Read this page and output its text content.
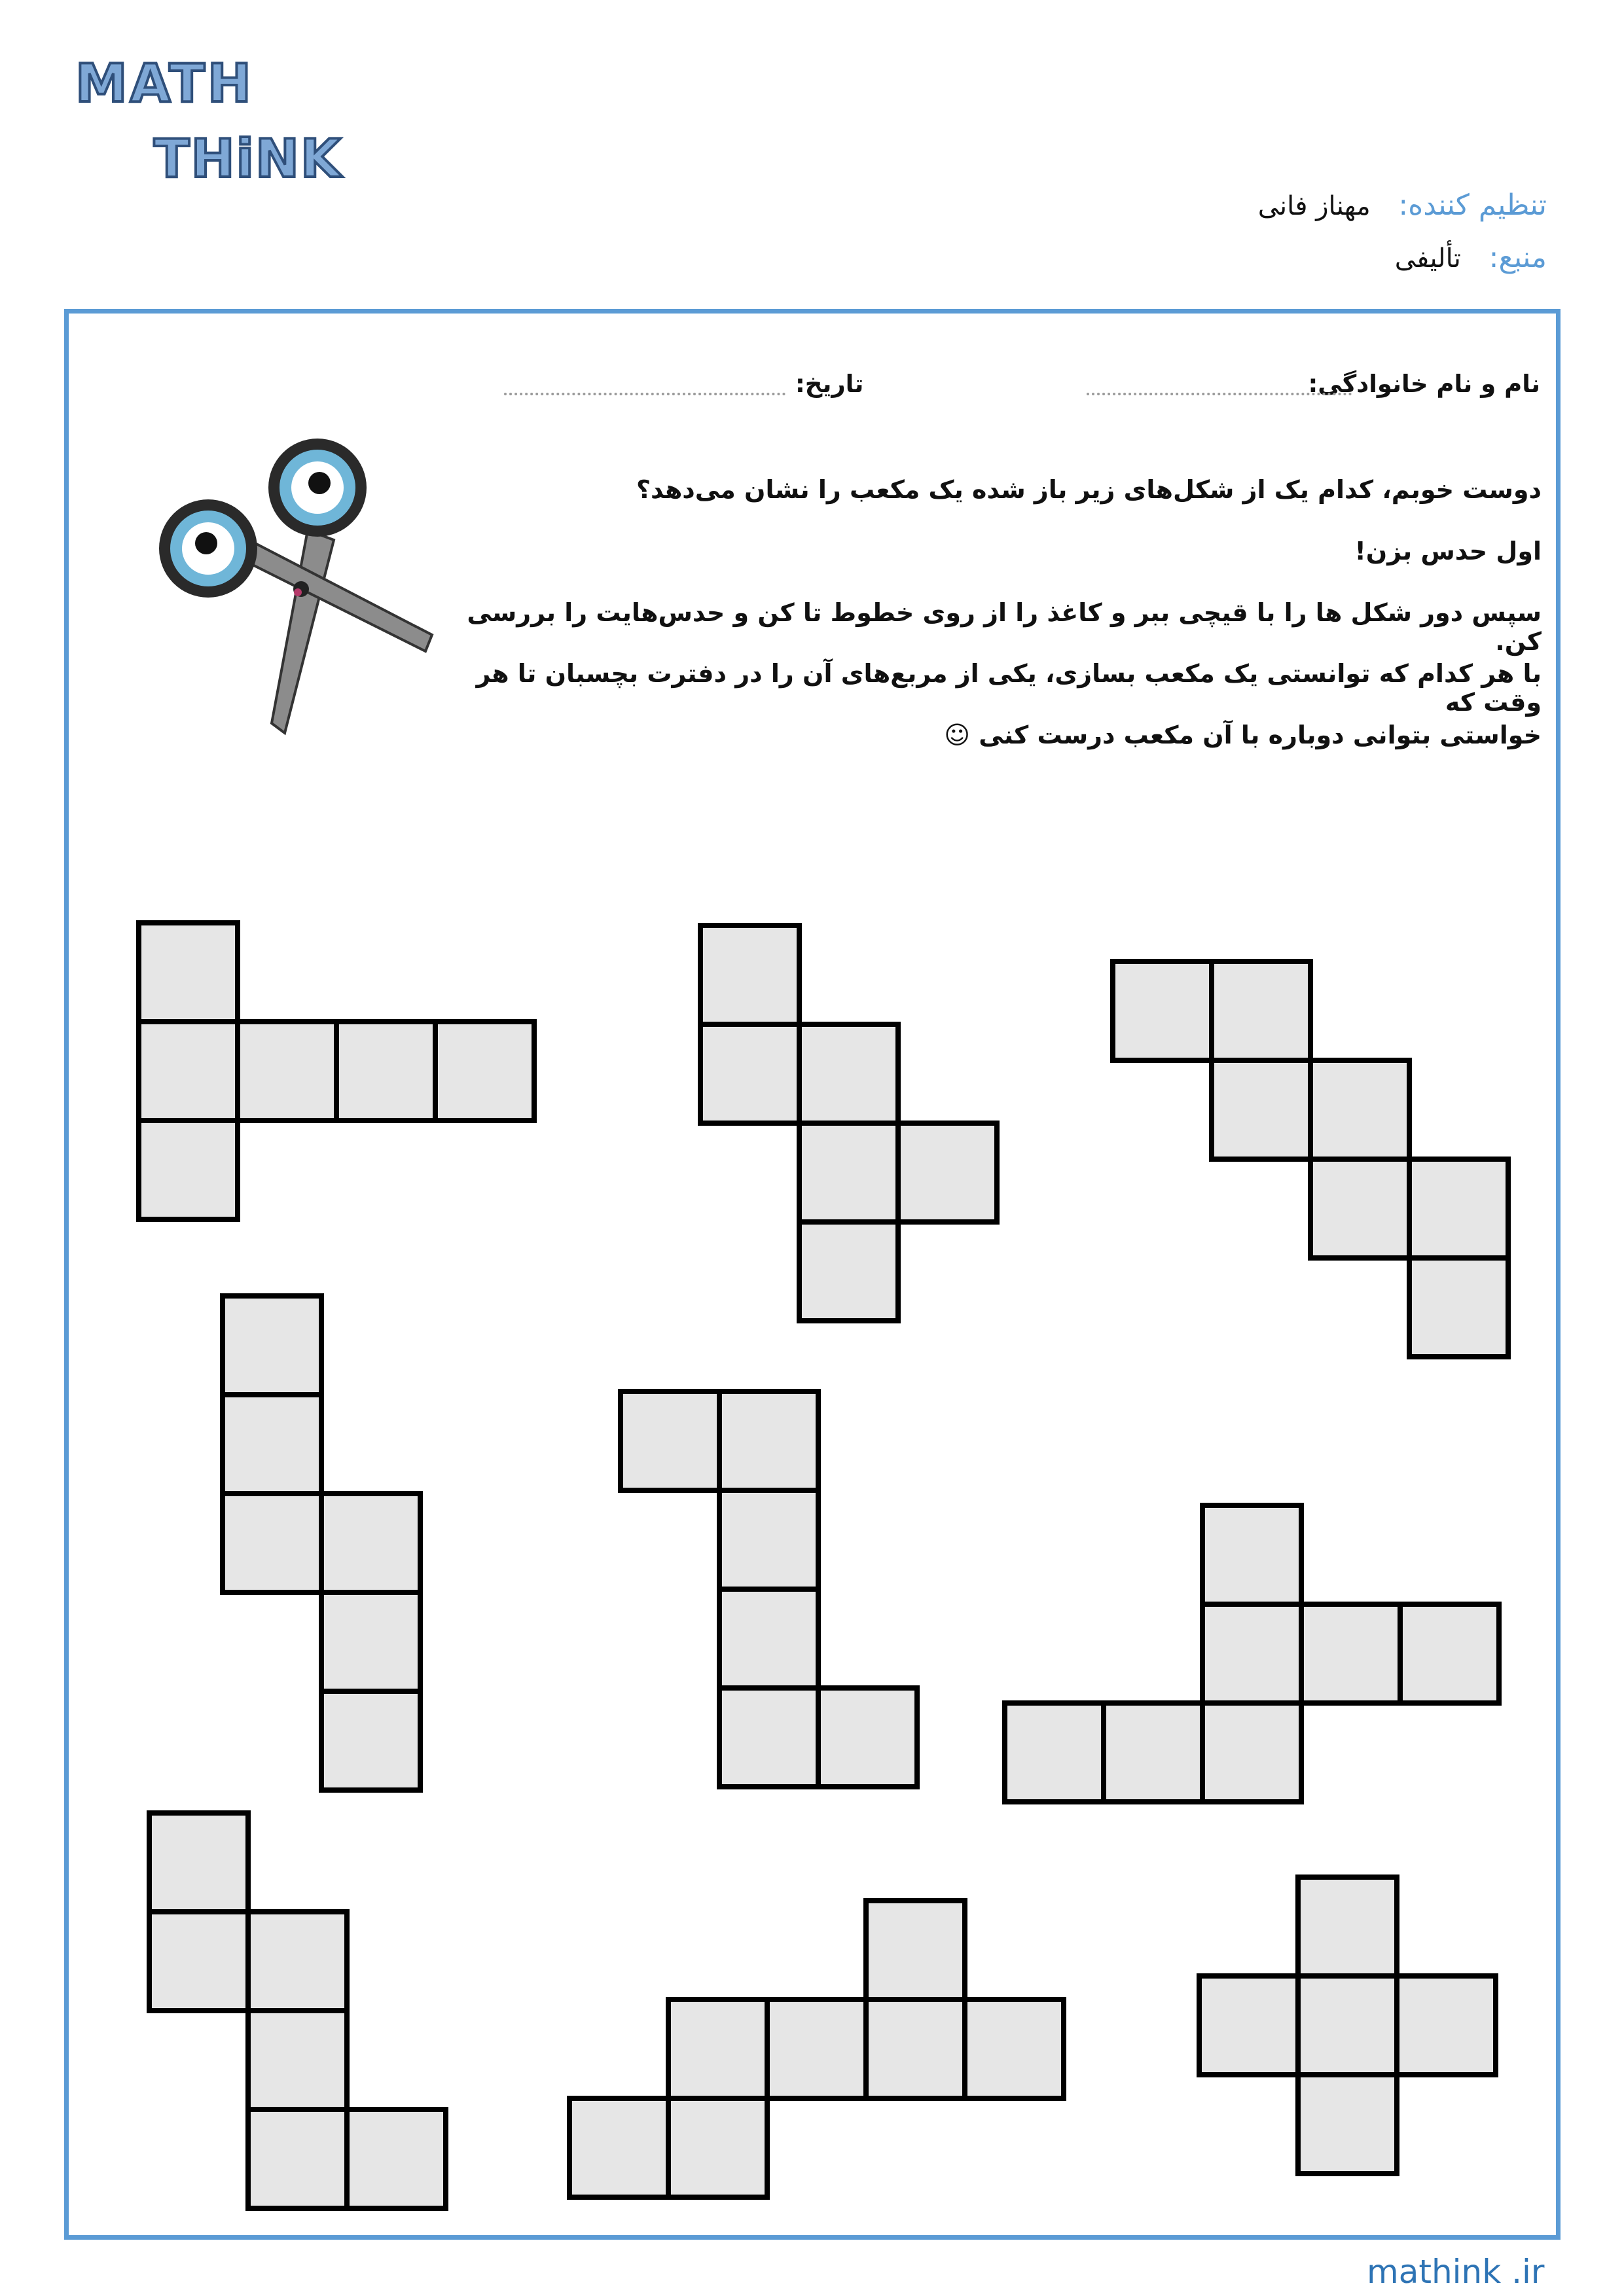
MATH
THiNK
تنظیم کننده: مهناز فانی
منبع: تألیفی
نام و نام خانوادگی:
تاریخ:

دوست خوبم، کدام یک از شکل‌های زیر باز شده یک مکعب را نشان می‌دهد؟

اول حدس بزن!

سپس دور شکل ها را با قیچی ببر و کاغذ را از روی خطوط تا کن و حدس‌هایت را بررسی کن.

با هر کدام که توانستی یک مکعب بسازی، یکی از مربع‌های آن را در دفترت بچسبان تا هر وقت که

خواستی بتوانی دوباره با آن مکعب درست کنی ☺

mathink .ir
